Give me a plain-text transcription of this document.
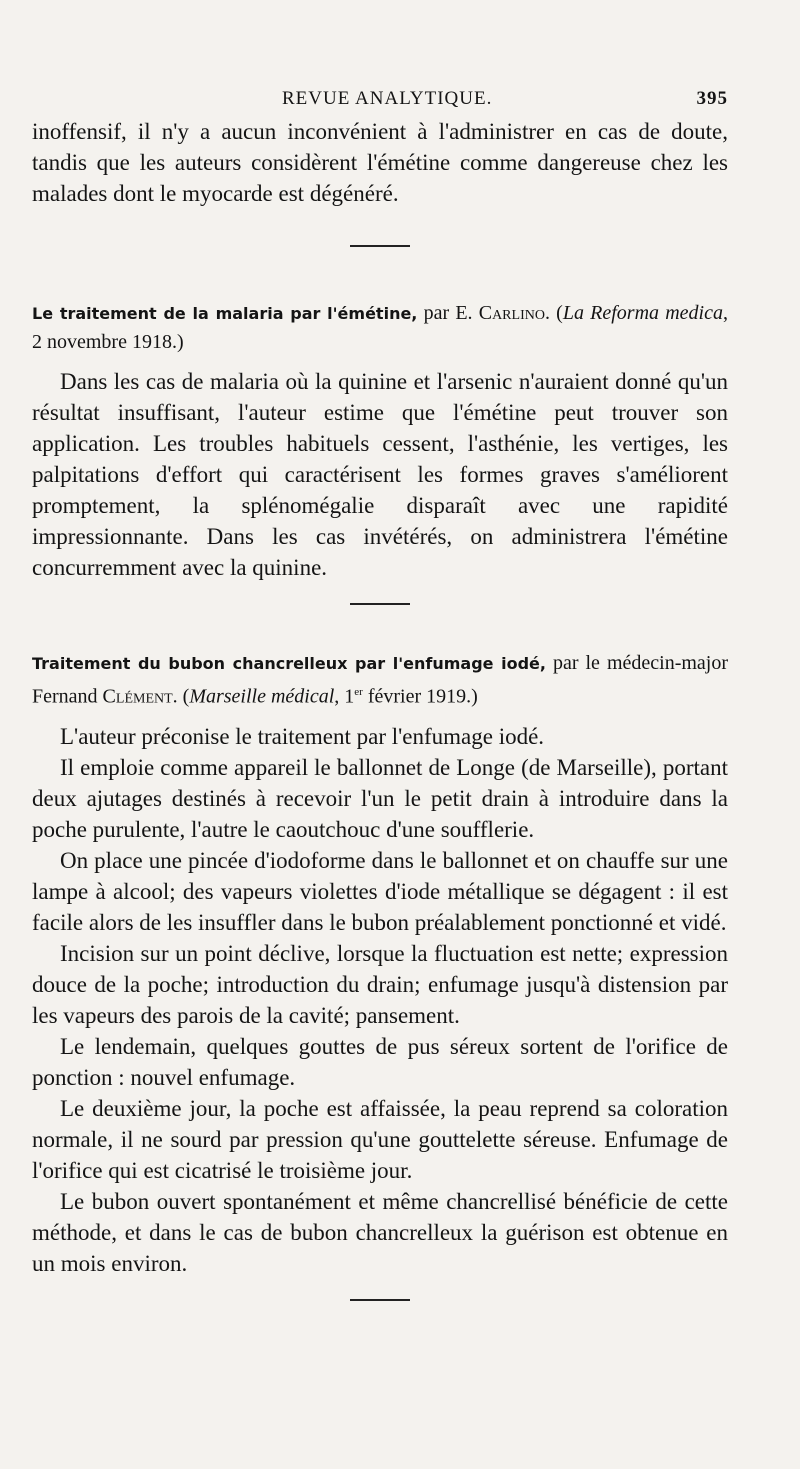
REVUE ANALYTIQUE.	395

inoffensif, il n'y a aucun inconvénient à l'administrer en cas de doute, tandis que les auteurs considèrent l'émétine comme dangereuse chez les malades dont le myocarde est dégénéré.

Le traitement de la malaria par l'émétine, par E. Carlino. (La Reforma medica, 2 novembre 1918.)

Dans les cas de malaria où la quinine et l'arsenic n'auraient donné qu'un résultat insuffisant, l'auteur estime que l'émétine peut trouver son application. Les troubles habituels cessent, l'asthénie, les vertiges, les palpitations d'effort qui caractérisent les formes graves s'améliorent promptement, la splénomégalie disparaît avec une rapidité impressionnante. Dans les cas invétérés, on administrera l'émétine concurremment avec la quinine.

Traitement du bubon chancrelleux par l'enfumage iodé, par le médecin-major Fernand Clément. (Marseille médical, 1er février 1919.)

L'auteur préconise le traitement par l'enfumage iodé.

Il emploie comme appareil le ballonnet de Longe (de Marseille), portant deux ajutages destinés à recevoir l'un le petit drain à introduire dans la poche purulente, l'autre le caoutchouc d'une soufflerie.

On place une pincée d'iodoforme dans le ballonnet et on chauffe sur une lampe à alcool; des vapeurs violettes d'iode métallique se dégagent : il est facile alors de les insuffler dans le bubon préalablement ponctionné et vidé.

Incision sur un point déclive, lorsque la fluctuation est nette; expression douce de la poche; introduction du drain; enfumage jusqu'à distension par les vapeurs des parois de la cavité; pansement.

Le lendemain, quelques gouttes de pus séreux sortent de l'orifice de ponction : nouvel enfumage.

Le deuxième jour, la poche est affaissée, la peau reprend sa coloration normale, il ne sourd par pression qu'une gouttelette séreuse. Enfumage de l'orifice qui est cicatrisé le troisième jour.

Le bubon ouvert spontanément et même chancrellisé bénéficie de cette méthode, et dans le cas de bubon chancrelleux la guérison est obtenue en un mois environ.
